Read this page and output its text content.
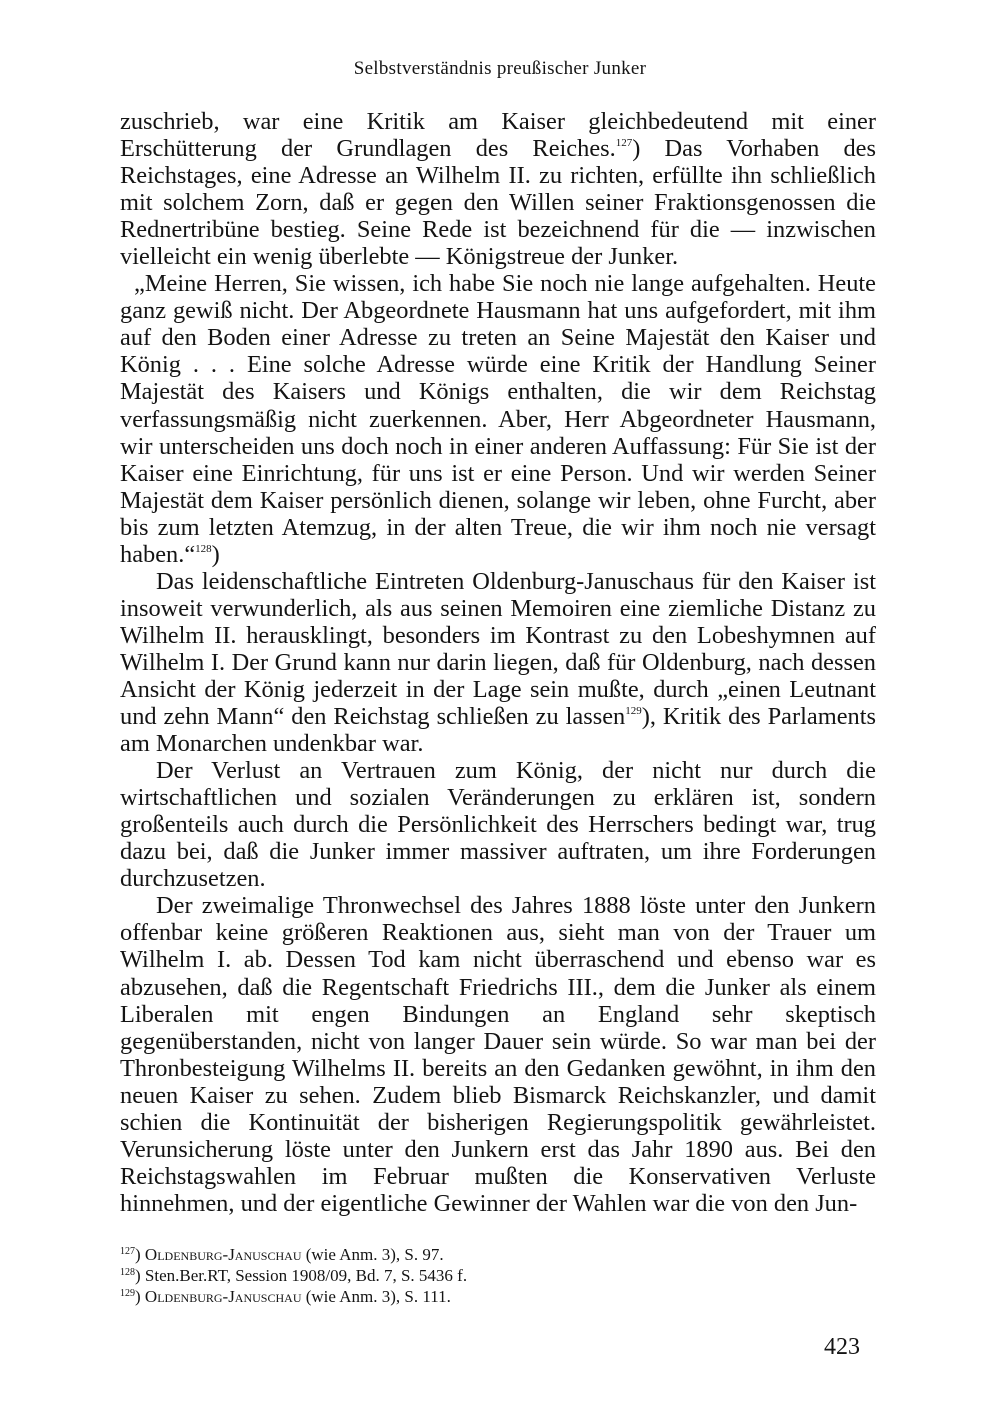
Selbstverständnis preußischer Junker

zuschrieb, war eine Kritik am Kaiser gleichbedeutend mit einer Erschütterung der Grundlagen des Reiches.$^{127}$) Das Vorhaben des Reichstages, eine Adresse an Wilhelm II. zu richten, erfüllte ihn schließlich mit solchem Zorn, daß er gegen den Willen seiner Fraktionsgenossen die Rednertribüne bestieg. Seine Rede ist bezeichnend für die — inzwischen vielleicht ein wenig überlebte — Königstreue der Junker.

„Meine Herren, Sie wissen, ich habe Sie noch nie lange aufgehalten. Heute ganz gewiß nicht. Der Abgeordnete Hausmann hat uns aufgefordert, mit ihm auf den Boden einer Adresse zu treten an Seine Majestät den Kaiser und König . . . Eine solche Adresse würde eine Kritik der Handlung Seiner Majestät des Kaisers und Königs enthalten, die wir dem Reichstag verfassungsmäßig nicht zuerkennen. Aber, Herr Abgeordneter Hausmann, wir unterscheiden uns doch noch in einer anderen Auffassung: Für Sie ist der Kaiser eine Einrichtung, für uns ist er eine Person. Und wir werden Seiner Majestät dem Kaiser persönlich dienen, solange wir leben, ohne Furcht, aber bis zum letzten Atemzug, in der alten Treue, die wir ihm noch nie versagt haben.“$^{128}$)

Das leidenschaftliche Eintreten Oldenburg-Januschaus für den Kaiser ist insoweit verwunderlich, als aus seinen Memoiren eine ziemliche Distanz zu Wilhelm II. herausklingt, besonders im Kontrast zu den Lobeshymnen auf Wilhelm I. Der Grund kann nur darin liegen, daß für Oldenburg, nach dessen Ansicht der König jederzeit in der Lage sein mußte, durch „einen Leutnant und zehn Mann“ den Reichstag schließen zu lassen$^{129}$), Kritik des Parlaments am Monarchen undenkbar war.

Der Verlust an Vertrauen zum König, der nicht nur durch die wirtschaftlichen und sozialen Veränderungen zu erklären ist, sondern großenteils auch durch die Persönlichkeit des Herrschers bedingt war, trug dazu bei, daß die Junker immer massiver auftraten, um ihre Forderungen durchzusetzen.

Der zweimalige Thronwechsel des Jahres 1888 löste unter den Junkern offenbar keine größeren Reaktionen aus, sieht man von der Trauer um Wilhelm I. ab. Dessen Tod kam nicht überraschend und ebenso war es abzusehen, daß die Regentschaft Friedrichs III., dem die Junker als einem Liberalen mit engen Bindungen an England sehr skeptisch gegenüberstanden, nicht von langer Dauer sein würde. So war man bei der Thronbesteigung Wilhelms II. bereits an den Gedanken gewöhnt, in ihm den neuen Kaiser zu sehen. Zudem blieb Bismarck Reichskanzler, und damit schien die Kontinuität der bisherigen Regierungspolitik gewährleistet. Verunsicherung löste unter den Junkern erst das Jahr 1890 aus. Bei den Reichstagswahlen im Februar mußten die Konservativen Verluste hinnehmen, und der eigentliche Gewinner der Wahlen war die von den Jun-

$^{127}$) Oldenburg-Januschau (wie Anm. 3), S. 97.
$^{128}$) Sten.Ber.RT, Session 1908/09, Bd. 7, S. 5436 f.
$^{129}$) Oldenburg-Januschau (wie Anm. 3), S. 111.
423
